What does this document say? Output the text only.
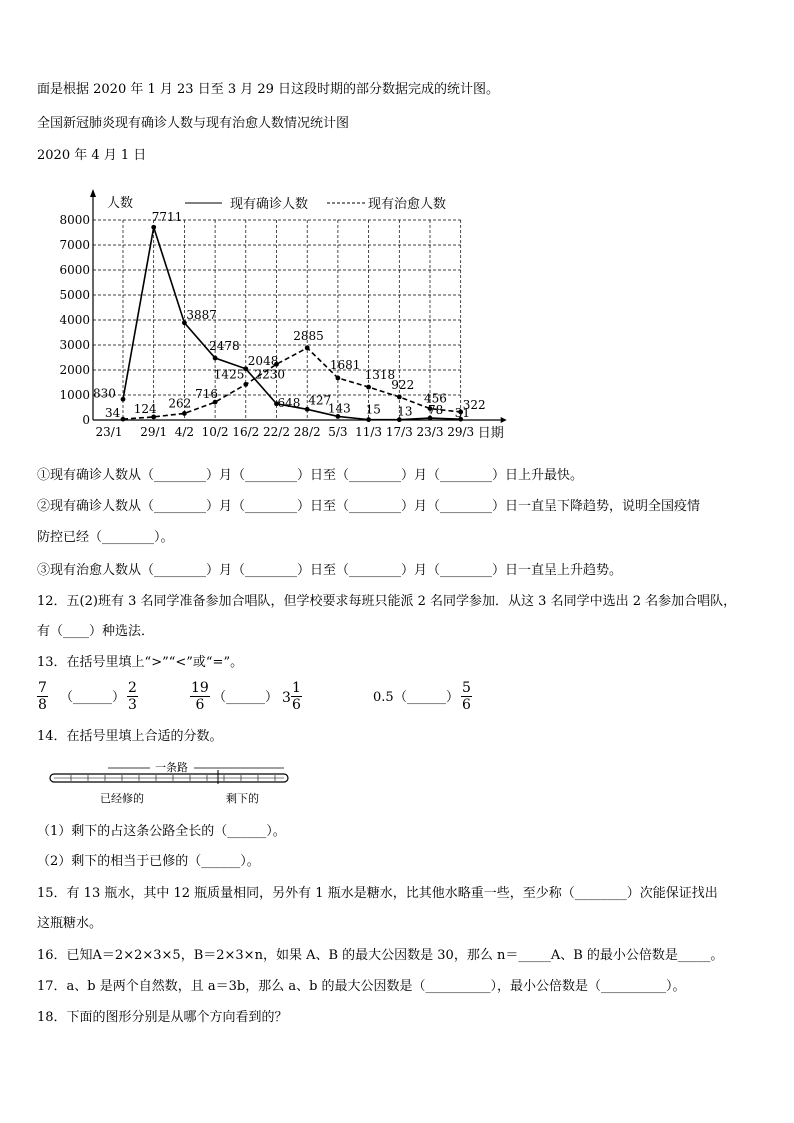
面是根据 2020 年 1 月 23 日至 3 月 29 日这段时期的部分数据完成的统计图。
全国新冠肺炎现有确诊人数与现有治愈人数情况统计图
2020 年 4 月 1 日
0
1000
2000
3000
4000
5000
6000
7000
8000
23/1 29/1 4/2 10/2 16/2 22/2 28/2 5/3 11/3 17/3 23/3 29/3 日期
人数	现有确诊人数	现有治愈人数
830
7711
3887
2478
2048
648 427
143 15 13 78 31
34 124 262
716
1425 2230
2885
1681
1318
922
456 322
①现有确诊人数从（________）月（________）日至（________）月（________）日上升最快。
②现有确诊人数从（________）月（________）日至（________）月（________）日一直呈下降趋势，说明全国疫情
防控已经（________）。
③现有治愈人数从（________）月（________）日至（________）月（________）日一直呈上升趋势。
12．五(2)班有 3 名同学准备参加合唱队，但学校要求每班只能派 2 名同学参加．从这 3 名同学中选出 2 名参加合唱队，
有（____）种选法．
13．在括号里填上“>”“<”或“=”。
$\frac{7}{8}$ （______） $\frac{2}{3}$	$\frac{19}{6}$ （______） $3 \frac{1}{6}$	0.5 （______） $\frac{5}{6}$
14．在括号里填上合适的分数。
一条路
已经修的	剩下的
（1）剩下的占这条公路全长的（______）。
（2）剩下的相当于已修的（______）。
15．有 13 瓶水，其中 12 瓶质量相同，另外有 1 瓶水是糖水，比其他水略重一些，至少称（________）次能保证找出
这瓶糖水。
16．已知A＝2×2×3×5，B＝2×3×n，如果 A、B 的最大公因数是 30，那么 n＝_____A、B 的最小公倍数是_____。
17．a、b 是两个自然数，且 a＝3b，那么 a、b 的最大公因数是（__________），最小公倍数是（__________）。
18．下面的图形分别是从哪个方向看到的？
